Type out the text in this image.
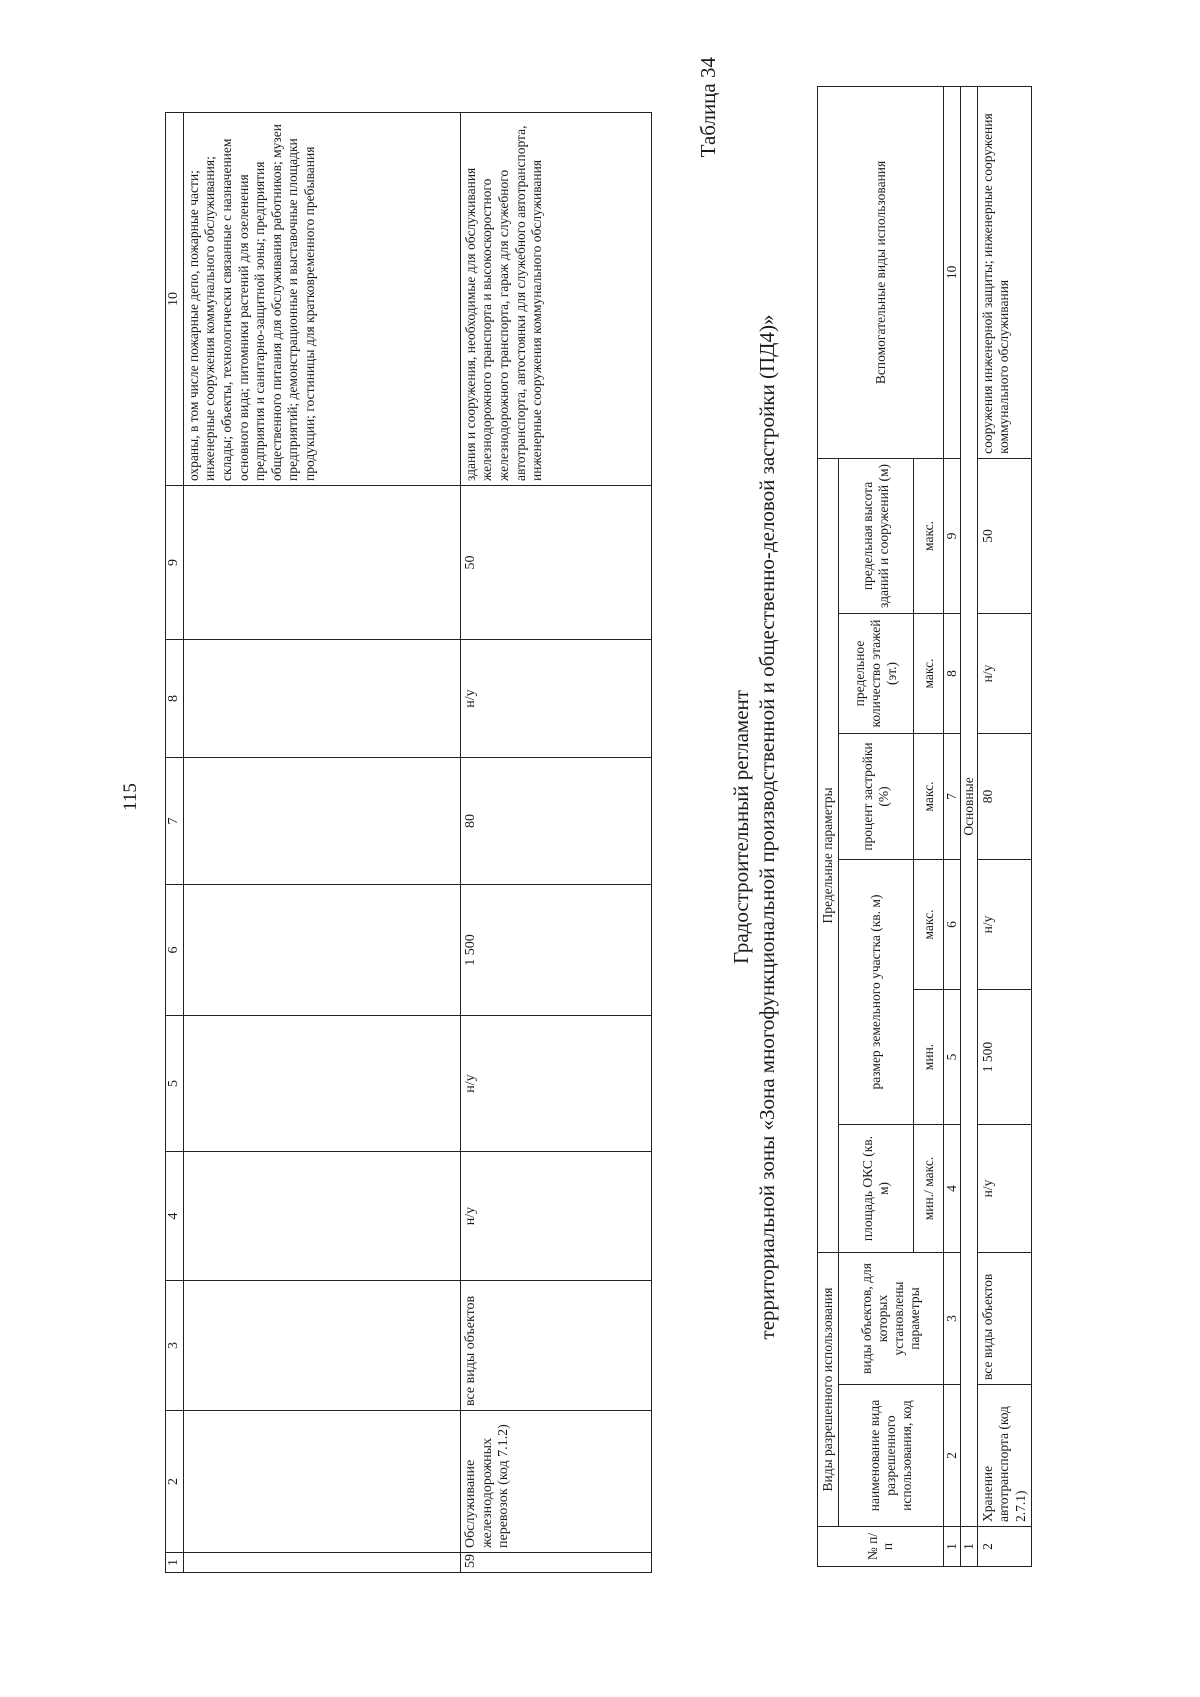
115
1	2	3	4	5	6	7	8	9	10
									охраны, в том числе пожарные депо, пожарные части; инженерные сооружения коммунального обслуживания; склады; объекты, технологически связанные с назначением основного вида; питомники растений для озеленения предприятия и санитарно-защитной зоны; предприятия общественного питания для обслуживания работников; музеи предприятий; демонстрационные и выставочные площадки продукции; гостиницы для кратковременного пребывания
59	Обслуживание железнодорожных перевозок (код 7.1.2)	все виды объектов	н/у	н/у	1 500	80	н/у	50	здания и сооружения, необходимые для обслуживания железнодорожного транспорта и высокоскоростного железнодорожного транспорта, гараж для служебного автотранспорта, автостоянки для служебного автотранспорта, инженерные сооружения коммунального обслуживания
Таблица 34
Градостроительный регламент территориальной зоны «Зона многофункциональной производственной и общественно-деловой застройки (ПД4)»
№ п/п	Виды разрешенного использования		Предельные параметры						Вспомогательные виды использования
	наименование вида разрешенного использования, код	виды объектов, для которых установлены параметры	площадь ОКС (кв. м)	размер земельного участка (кв. м)		процент застройки (%)	предельное количество этажей (эт.)	предельная высота зданий и сооружений (м)	
			мин./ макс.	мин.	макс.	макс.	макс.	макс.	
1	2	3	4	5	6	7	8	9	10
1	Основные								
2	Хранение автотранспорта (код 2.7.1)	все виды объектов	н/у	1 500	н/у	80	н/у	50	сооружения инженерной защиты; инженерные сооружения коммунального обслуживания
